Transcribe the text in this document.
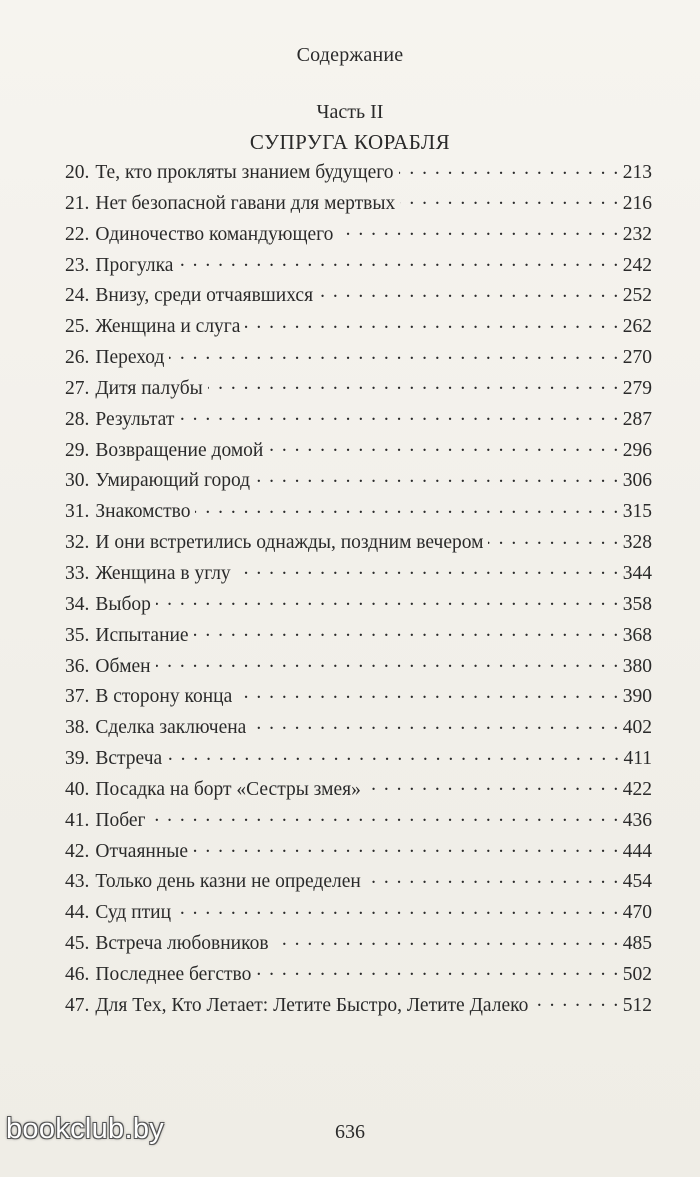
Содержание
Часть II
СУПРУГА КОРАБЛЯ
20. Те, кто прокляты знанием будущего . . .	213
21. Нет безопасной гавани для мертвых . . .	216
22. Одиночество командующего . . .	232
23. Прогулка . . .	242
24. Внизу, среди отчаявшихся . . .	252
25. Женщина и слуга . . .	262
26. Переход . . .	270
27. Дитя палубы . . .	279
28. Результат . . .	287
29. Возвращение домой . . .	296
30. Умирающий город . . .	306
31. Знакомство . . .	315
32. И они встретились однажды, поздним вечером . . .	328
33. Женщина в углу . . .	344
34. Выбор . . .	358
35. Испытание . . .	368
36. Обмен . . .	380
37. В сторону конца . . .	390
38. Сделка заключена . . .	402
39. Встреча . . .	411
40. Посадка на борт «Сестры змея» . . .	422
41. Побег . . .	436
42. Отчаянные . . .	444
43. Только день казни не определен . . .	454
44. Суд птиц . . .	470
45. Встреча любовников . . .	485
46. Последнее бегство . . .	502
47. Для Тех, Кто Летает: Летите Быстро, Летите Далеко . . .	512
636
bookclub.by
